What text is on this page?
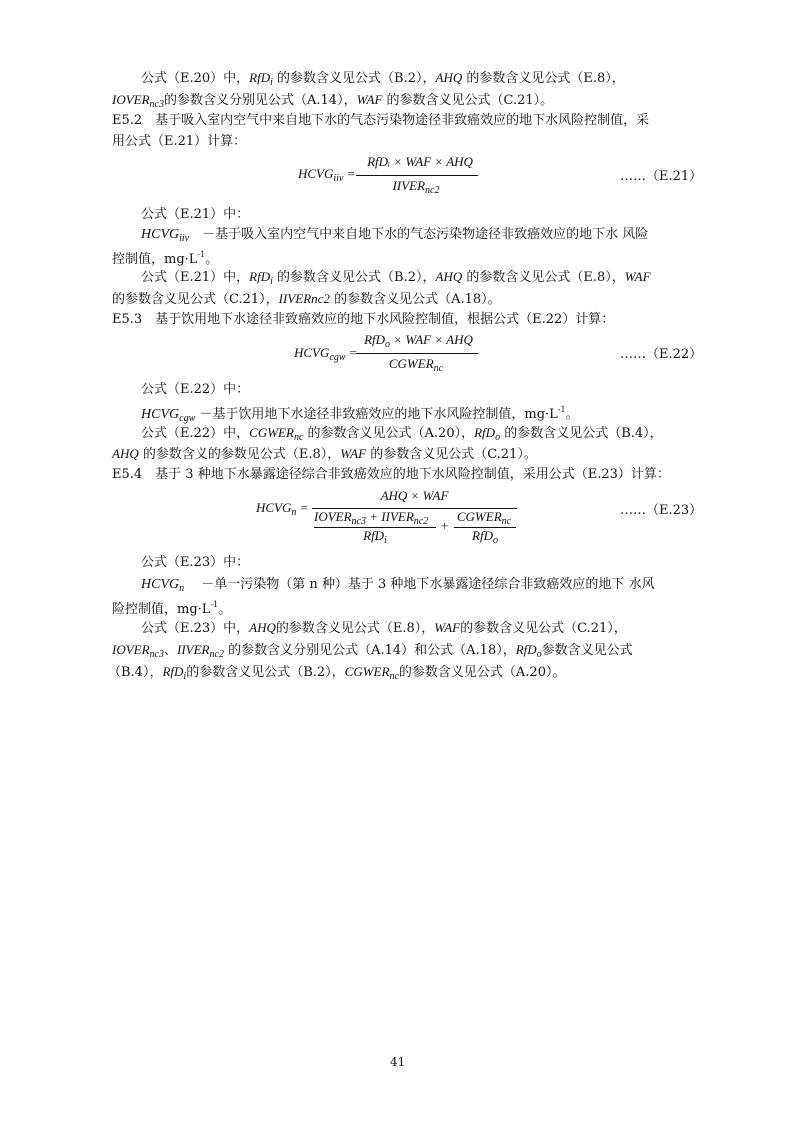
公式（E.20）中，RfD$_i$ 的参数含义见公式（B.2），AHQ 的参数含义见公式（E.8），
$IOVER_{nc3}$的参数含义分别见公式（A.14），WAF 的参数含义见公式（C.21）。
E5.2　基于吸入室内空气中来自地下水的气态污染物途径非致癌效应的地下水风险控制值，采
用公式（E.21）计算：
$HCVG_{iiv}$ =
RfDᵢ × WAF × AHQ
$IIVER_{nc2}$
……（E.21）
公式（E.21）中：
$HCVG_{iiv}$　－基于吸入室内空气中来自地下水的气态污染物途径非致癌效应的地下水 风险
控制值，$mg\cdot L^{-1}$。
公式（E.21）中，RfD$_i$ 的参数含义见公式（B.2），AHQ 的参数含义见公式（E.8），WAF
的参数含义见公式（C.21），IIVERnc2 的参数含义见公式（A.18）。
E5.3　基于饮用地下水途径非致癌效应的地下水风险控制值，根据公式（E.22）计算：
$HCVG_{cgw}$ =
RfD$_o$ × WAF × AHQ
$CGWER_{nc}$
……（E.22）
公式（E.22）中：
$HCVG_{cgw}$ －基于饮用地下水途径非致癌效应的地下水风险控制值，$mg\cdot L^{-1}$。
公式（E.22）中，$CGWER_{nc}$ 的参数含义见公式（A.20），RfD$_o$ 的参数含义见公式（B.4），
AHQ 的参数含义的参数见公式（E.8），WAF 的参数含义见公式（C.21）。
E5.4　基于 3 种地下水暴露途径综合非致癌效应的地下水风险控制值，采用公式（E.23）计算：
$HCVG_n$ =
AHQ × WAF
$IOVER_{nc3}$ + $IIVER_{nc2}$
RfD$_i$
+
$CGWER_{nc}$
RfD$_o$
……（E.23）
公式（E.23）中：
$HCVG_n$　 －单一污染物（第 n 种）基于 3 种地下水暴露途径综合非致癌效应的地下 水风
险控制值，$mg\cdot L^{-1}$。
公式（E.23）中，AHQ的参数含义见公式（E.8），WAF的参数含义见公式（C.21），
$IOVER_{nc3}$、$IIVER_{nc2}$ 的参数含义分别见公式（A.14）和公式（A.18），RfD$_o$参数含义见公式
（B.4），RfD$_i$的参数含义见公式（B.2），$CGWER_{nc}$的参数含义见公式（A.20）。
41
